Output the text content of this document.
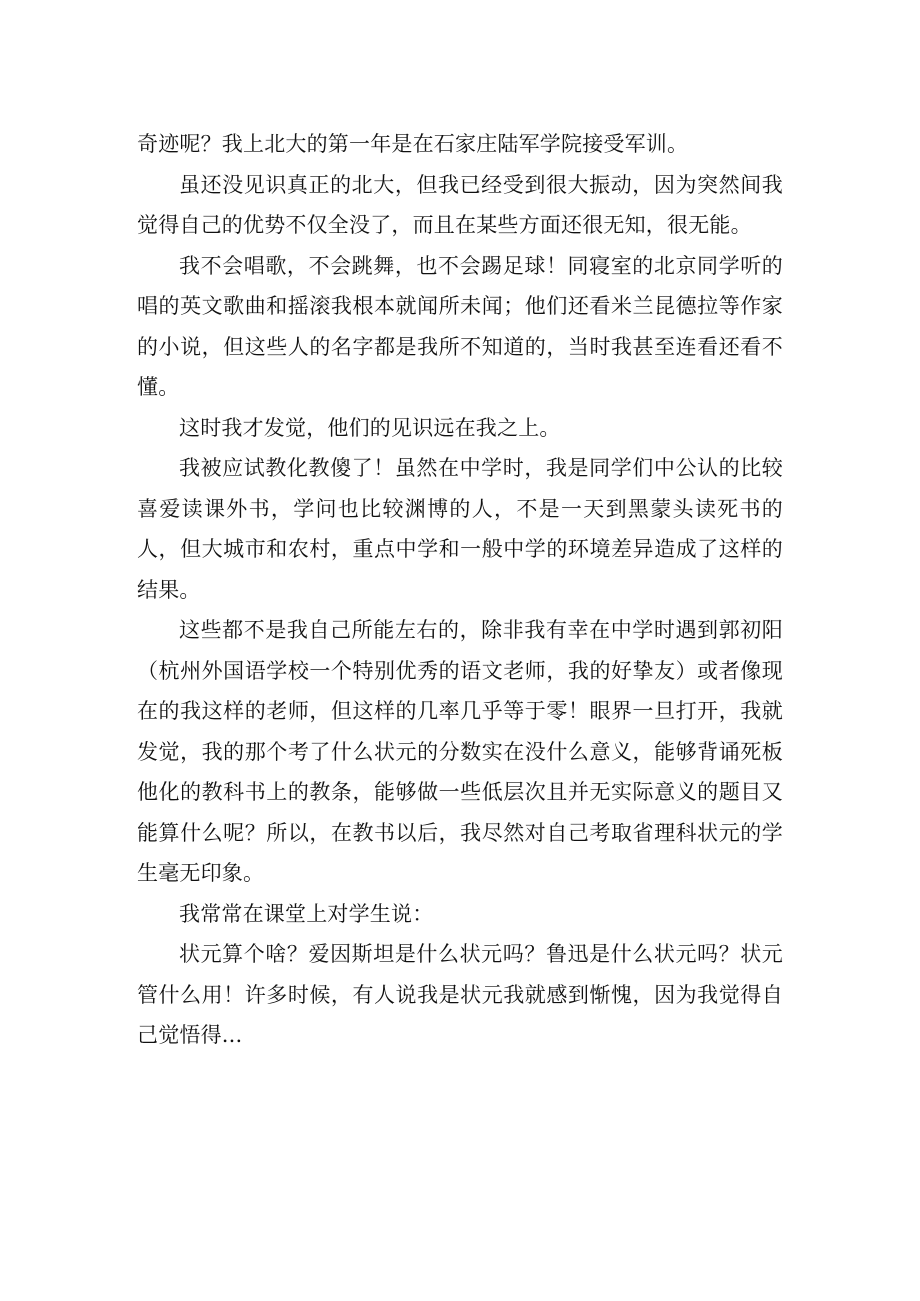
奇迹呢？我上北大的第一年是在石家庄陆军学院接受军训。

虽还没见识真正的北大，但我已经受到很大振动，因为突然间我觉得自己的优势不仅全没了，而且在某些方面还很无知，很无能。

我不会唱歌，不会跳舞，也不会踢足球！同寝室的北京同学听的唱的英文歌曲和摇滚我根本就闻所未闻；他们还看米兰昆德拉等作家的小说，但这些人的名字都是我所不知道的，当时我甚至连看还看不懂。

这时我才发觉，他们的见识远在我之上。

我被应试教化教傻了！虽然在中学时，我是同学们中公认的比较喜爱读课外书，学问也比较渊博的人，不是一天到黑蒙头读死书的人，但大城市和农村，重点中学和一般中学的环境差异造成了这样的结果。

这些都不是我自己所能左右的，除非我有幸在中学时遇到郭初阳（杭州外国语学校一个特别优秀的语文老师，我的好挚友）或者像现在的我这样的老师，但这样的几率几乎等于零！眼界一旦打开，我就发觉，我的那个考了什么状元的分数实在没什么意义，能够背诵死板他化的教科书上的教条，能够做一些低层次且并无实际意义的题目又能算什么呢？所以，在教书以后，我尽然对自己考取省理科状元的学生毫无印象。

我常常在课堂上对学生说：

状元算个啥？爱因斯坦是什么状元吗？鲁迅是什么状元吗？状元管什么用！许多时候，有人说我是状元我就感到惭愧，因为我觉得自己觉悟得...
